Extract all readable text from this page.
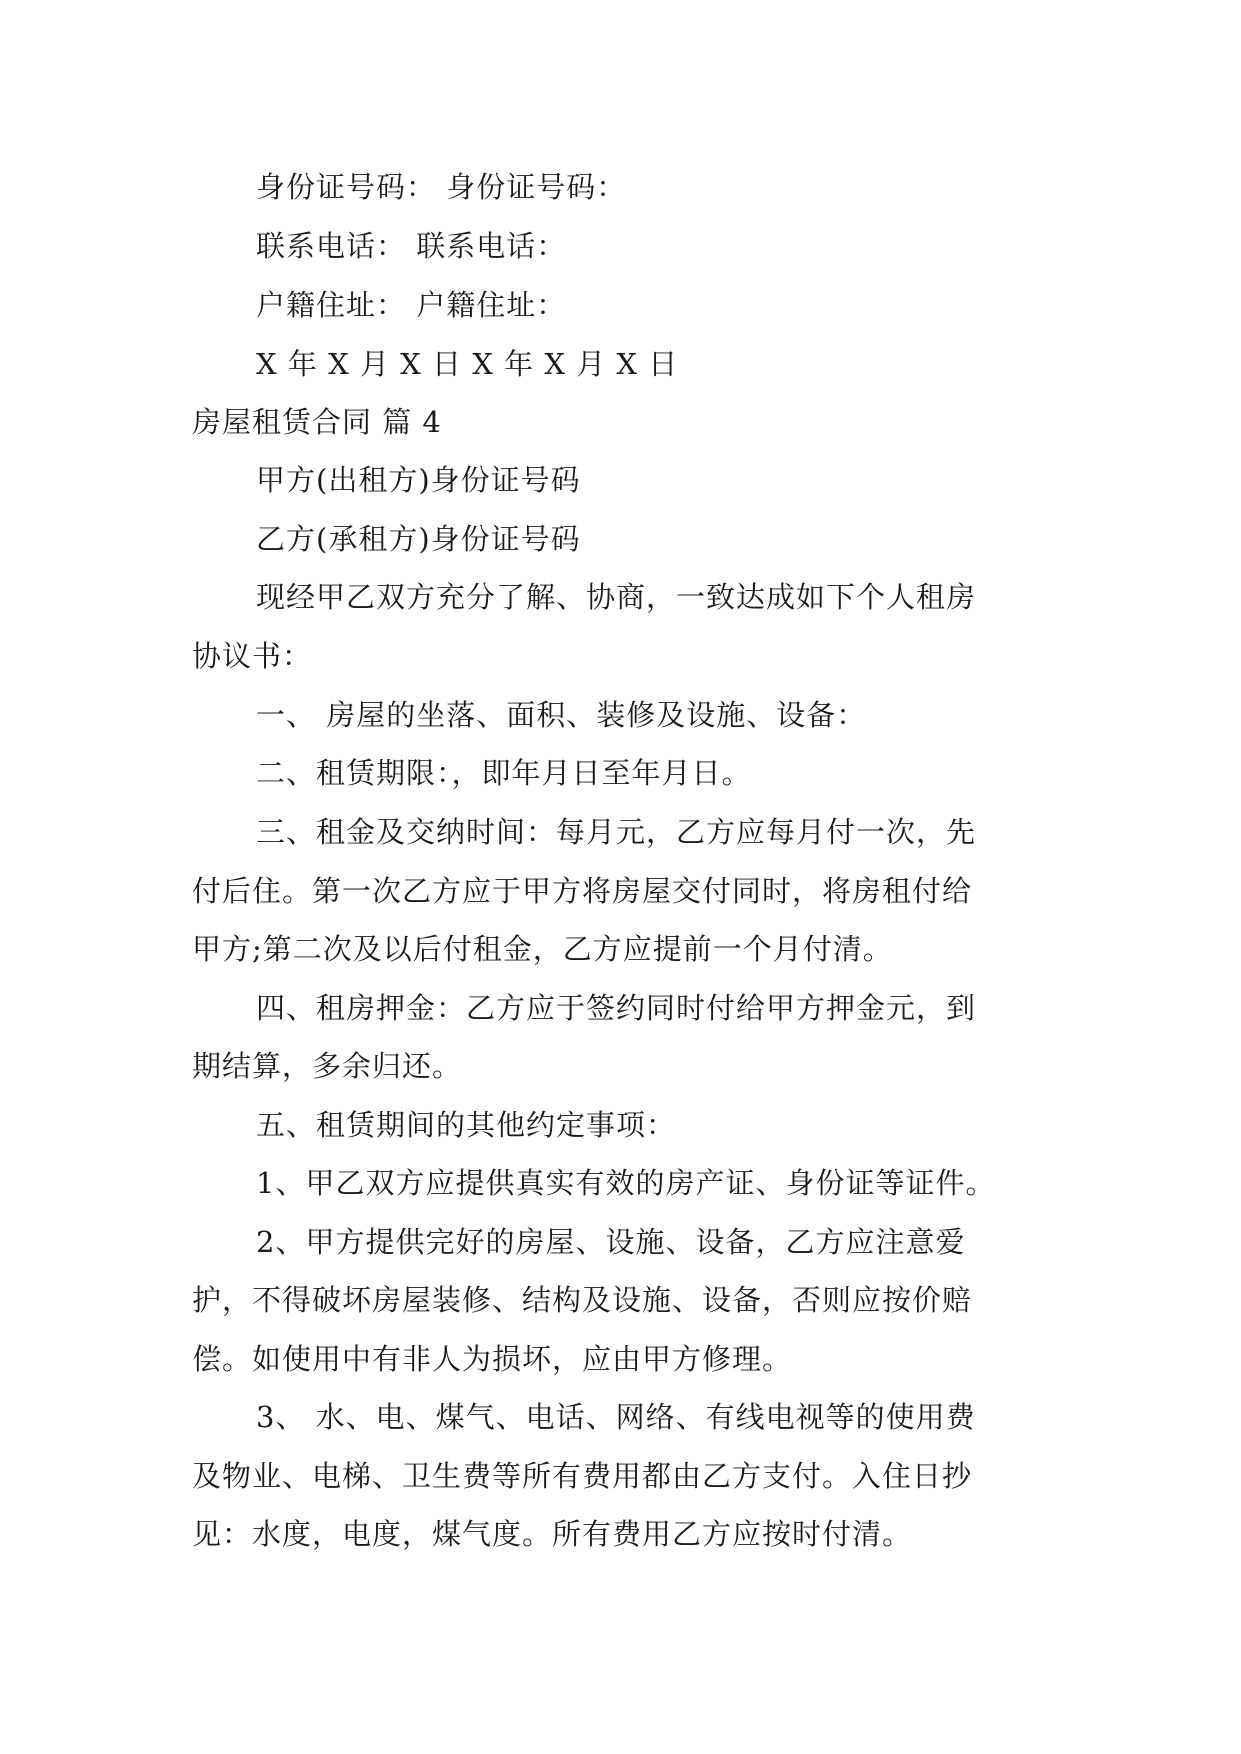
身份证号码： 身份证号码：
联系电话： 联系电话：
户籍住址： 户籍住址：
X 年 X 月 X 日 X 年 X 月 X 日
房屋租赁合同 篇 4
甲方(出租方)身份证号码
乙方(承租方)身份证号码
现经甲乙双方充分了解、协商，一致达成如下个人租房
协议书：
一、 房屋的坐落、面积、装修及设施、设备：
二、租赁期限：，即年月日至年月日。
三、租金及交纳时间：每月元，乙方应每月付一次，先
付后住。第一次乙方应于甲方将房屋交付同时，将房租付给
甲方;第二次及以后付租金，乙方应提前一个月付清。
四、租房押金：乙方应于签约同时付给甲方押金元，到
期结算，多余归还。
五、租赁期间的其他约定事项：
1、甲乙双方应提供真实有效的房产证、身份证等证件。
2、甲方提供完好的房屋、设施、设备，乙方应注意爱
护，不得破坏房屋装修、结构及设施、设备，否则应按价赔
偿。如使用中有非人为损坏，应由甲方修理。
3、 水、电、煤气、电话、网络、有线电视等的使用费
及物业、电梯、卫生费等所有费用都由乙方支付。入住日抄
见：水度，电度，煤气度。所有费用乙方应按时付清。
